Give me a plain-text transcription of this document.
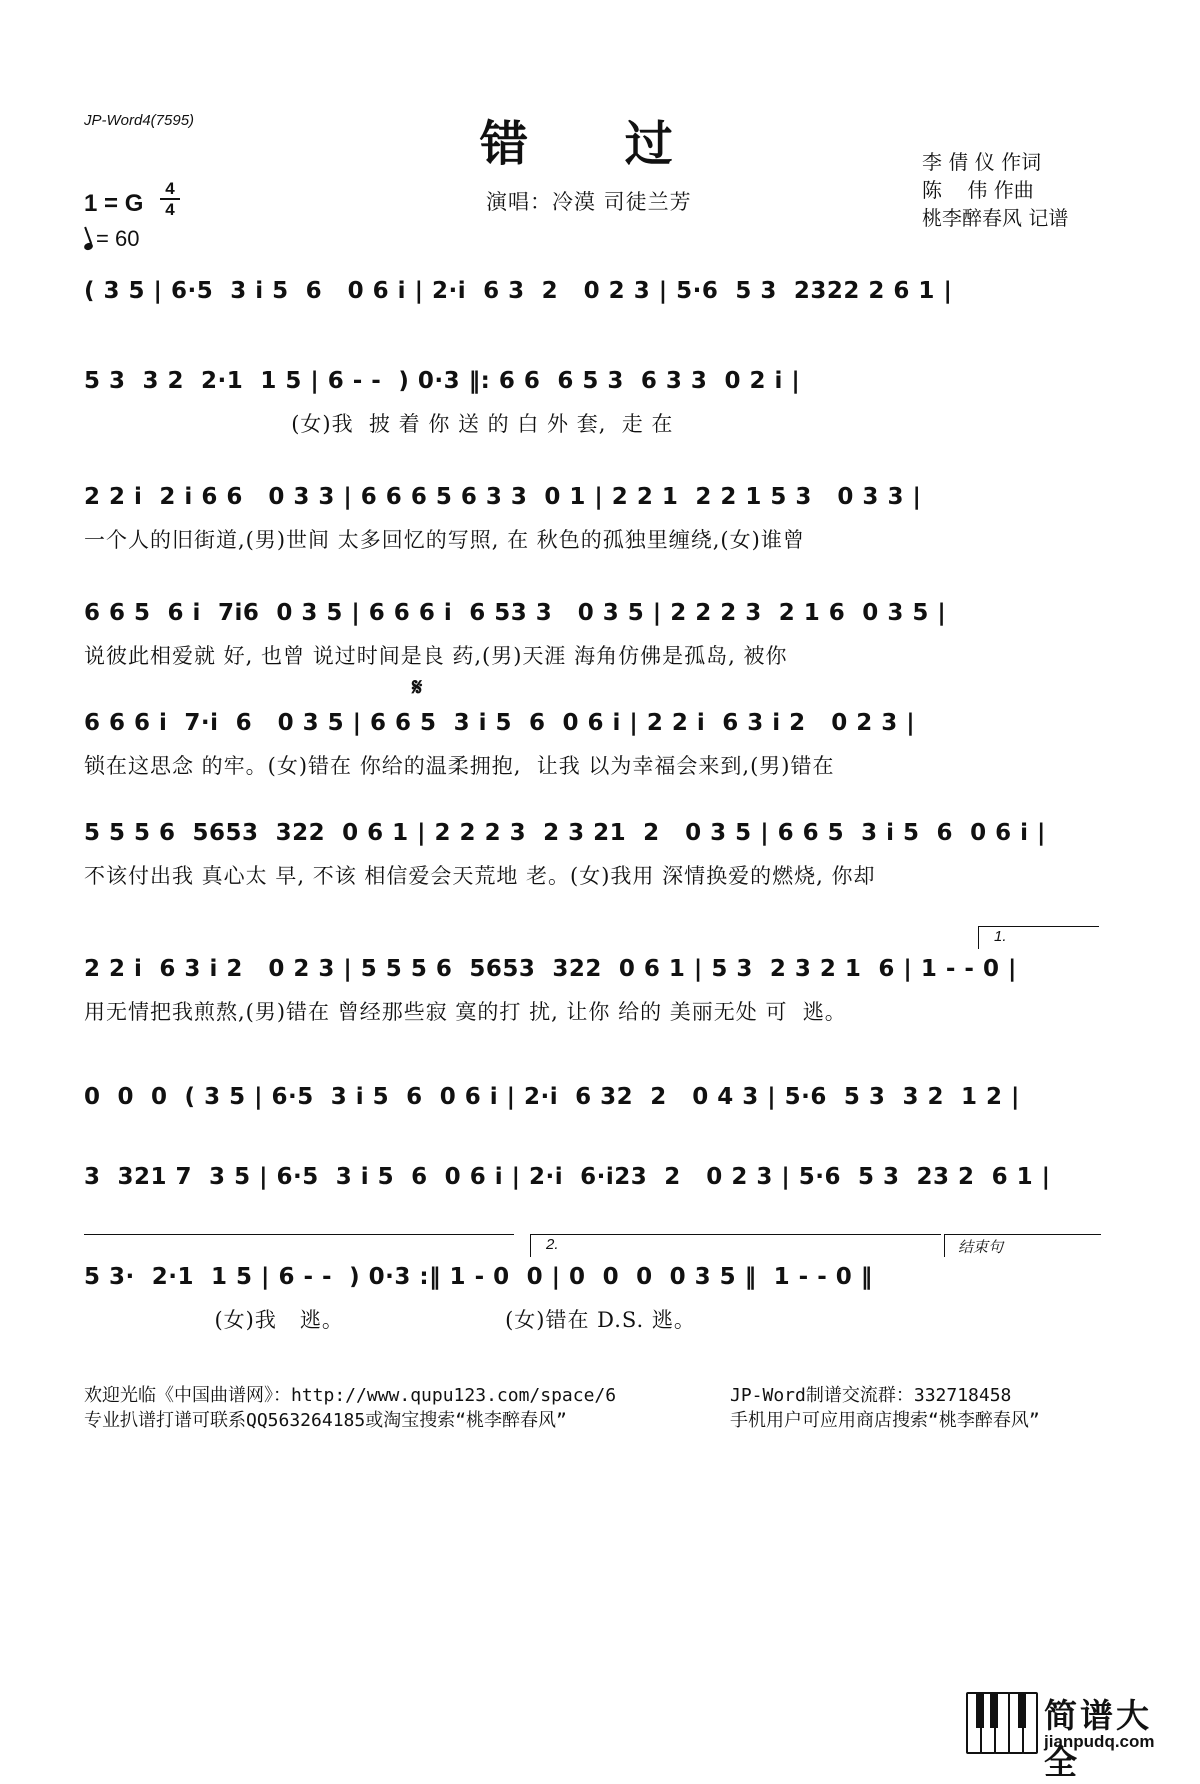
JP-Word4(7595)	错 过
演唱：冷漠 司徒兰芳
李 倩 仪 作词
陈    伟 作曲
桃李醉春风 记谱
1 = G
4
4
= 60
( 3 5 | 6·5  3 i 5  6   0 6 i | 2·i  6 3  2   0 2 3 | 5·6  5 3  2322 2 6 1 |
5 3  3 2  2·1  1 5 | 6 - -  ) 0·3 ‖: 6 6  6 5 3  6 3 3  0 2 i |
(女)我  披 着 你 送 的 白 外 套,  走 在
2 2 i  2 i 6 6   0 3 3 | 6 6 6 5 6 3 3  0 1 | 2 2 1  2 2 1 5 3   0 3 3 |
一个人的旧街道,(男)世间 太多回忆的写照, 在 秋色的孤独里缠绕,(女)谁曾
6 6 5  6 i  7i6  0 3 5 | 6 6 6 i  6 53 3   0 3 5 | 2 2 2 3  2 1 6  0 3 5 |
说彼此相爱就 好, 也曾 说过时间是良 药,(男)天涯 海角仿佛是孤岛, 被你
𝄋
6 6 6 i  7·i  6   0 3 5 | 6 6 5  3 i 5  6  0 6 i | 2 2 i  6 3 i 2   0 2 3 |
锁在这思念 的牢。(女)错在 你给的温柔拥抱,  让我 以为幸福会来到,(男)错在
5 5 5 6  5653  322  0 6 1 | 2 2 2 3  2 3 21  2   0 3 5 | 6 6 5  3 i 5  6  0 6 i |
不该付出我 真心太 早, 不该 相信爱会天荒地 老。(女)我用 深情换爱的燃烧, 你却
1.
2 2 i  6 3 i 2   0 2 3 | 5 5 5 6  5653  322  0 6 1 | 5 3  2 3 2 1  6 | 1 - - 0 |
用无情把我煎熬,(男)错在 曾经那些寂 寞的打 扰, 让你 给的 美丽无处 可  逃。
0  0  0  ( 3 5 | 6·5  3 i 5  6  0 6 i | 2·i  6 32  2   0 4 3 | 5·6  5 3  3 2  1 2 |
3  321 7  3 5 | 6·5  3 i 5  6  0 6 i | 2·i  6·i23  2   0 2 3 | 5·6  5 3  23 2  6 1 |
2.	结束句
5 3·  2·1  1 5 | 6 - -  ) 0·3 :‖ 1 - 0  0 | 0  0  0  0 3 5 ‖  1 - - 0 ‖
(女)我   逃。                     (女)错在 D.S. 逃。
欢迎光临《中国曲谱网》：http://www.qupu123.com/space/6
专业扒谱打谱可联系QQ563264185或淘宝搜索“桃李醉春风”
JP-Word制谱交流群：332718458
手机用户可应用商店搜索“桃李醉春风”
简谱大全
jianpudq.com
